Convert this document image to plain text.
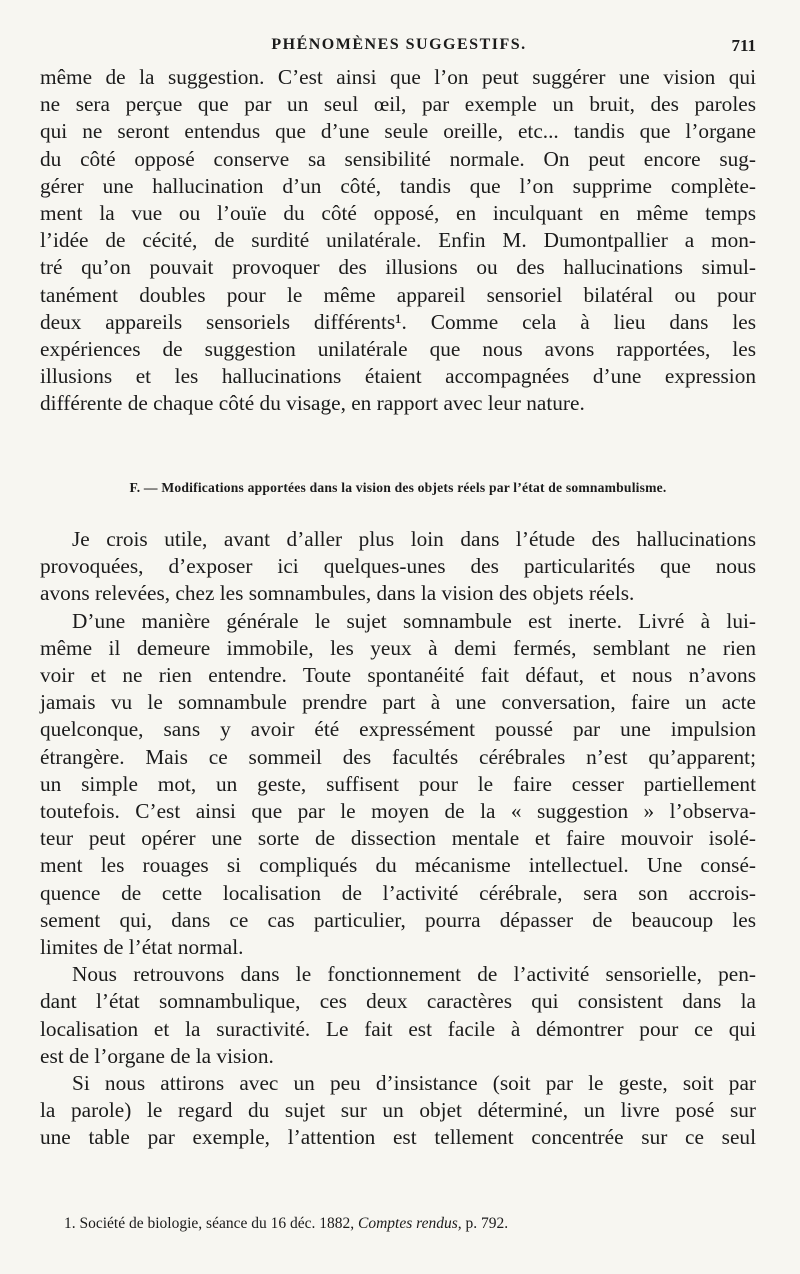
PHÉNOMÈNES SUGGESTIFS.	711

même de la suggestion. C’est ainsi que l’on peut suggérer une vision qui
ne sera perçue que par un seul œil, par exemple un bruit, des paroles
qui ne seront entendus que d’une seule oreille, etc... tandis que l’organe
du côté opposé conserve sa sensibilité normale. On peut encore sug-
gérer une hallucination d’un côté, tandis que l’on supprime complète-
ment la vue ou l’ouïe du côté opposé, en inculquant en même temps
l’idée de cécité, de surdité unilatérale. Enfin M. Dumontpallier a mon-
tré qu’on pouvait provoquer des illusions ou des hallucinations simul-
tanément doubles pour le même appareil sensoriel bilatéral ou pour
deux appareils sensoriels différents¹. Comme cela à lieu dans les
expériences de suggestion unilatérale que nous avons rapportées, les
illusions et les hallucinations étaient accompagnées d’une expression
différente de chaque côté du visage, en rapport avec leur nature.

F. — Modifications apportées dans la vision des objets réels par l’état de somnambulisme.

Je crois utile, avant d’aller plus loin dans l’étude des hallucinations
provoquées, d’exposer ici quelques-unes des particularités que nous
avons relevées, chez les somnambules, dans la vision des objets réels.

D’une manière générale le sujet somnambule est inerte. Livré à lui-
même il demeure immobile, les yeux à demi fermés, semblant ne rien
voir et ne rien entendre. Toute spontanéité fait défaut, et nous n’avons
jamais vu le somnambule prendre part à une conversation, faire un acte
quelconque, sans y avoir été expressément poussé par une impulsion
étrangère. Mais ce sommeil des facultés cérébrales n’est qu’apparent;
un simple mot, un geste, suffisent pour le faire cesser partiellement
toutefois. C’est ainsi que par le moyen de la « suggestion » l’observa-
teur peut opérer une sorte de dissection mentale et faire mouvoir isolé-
ment les rouages si compliqués du mécanisme intellectuel. Une consé-
quence de cette localisation de l’activité cérébrale, sera son accrois-
sement qui, dans ce cas particulier, pourra dépasser de beaucoup les
limites de l’état normal.

Nous retrouvons dans le fonctionnement de l’activité sensorielle, pen-
dant l’état somnambulique, ces deux caractères qui consistent dans la
localisation et la suractivité. Le fait est facile à démontrer pour ce qui
est de l’organe de la vision.

Si nous attirons avec un peu d’insistance (soit par le geste, soit par
la parole) le regard du sujet sur un objet déterminé, un livre posé sur
une table par exemple, l’attention est tellement concentrée sur ce seul

1. Société de biologie, séance du 16 déc. 1882, Comptes rendus, p. 792.
